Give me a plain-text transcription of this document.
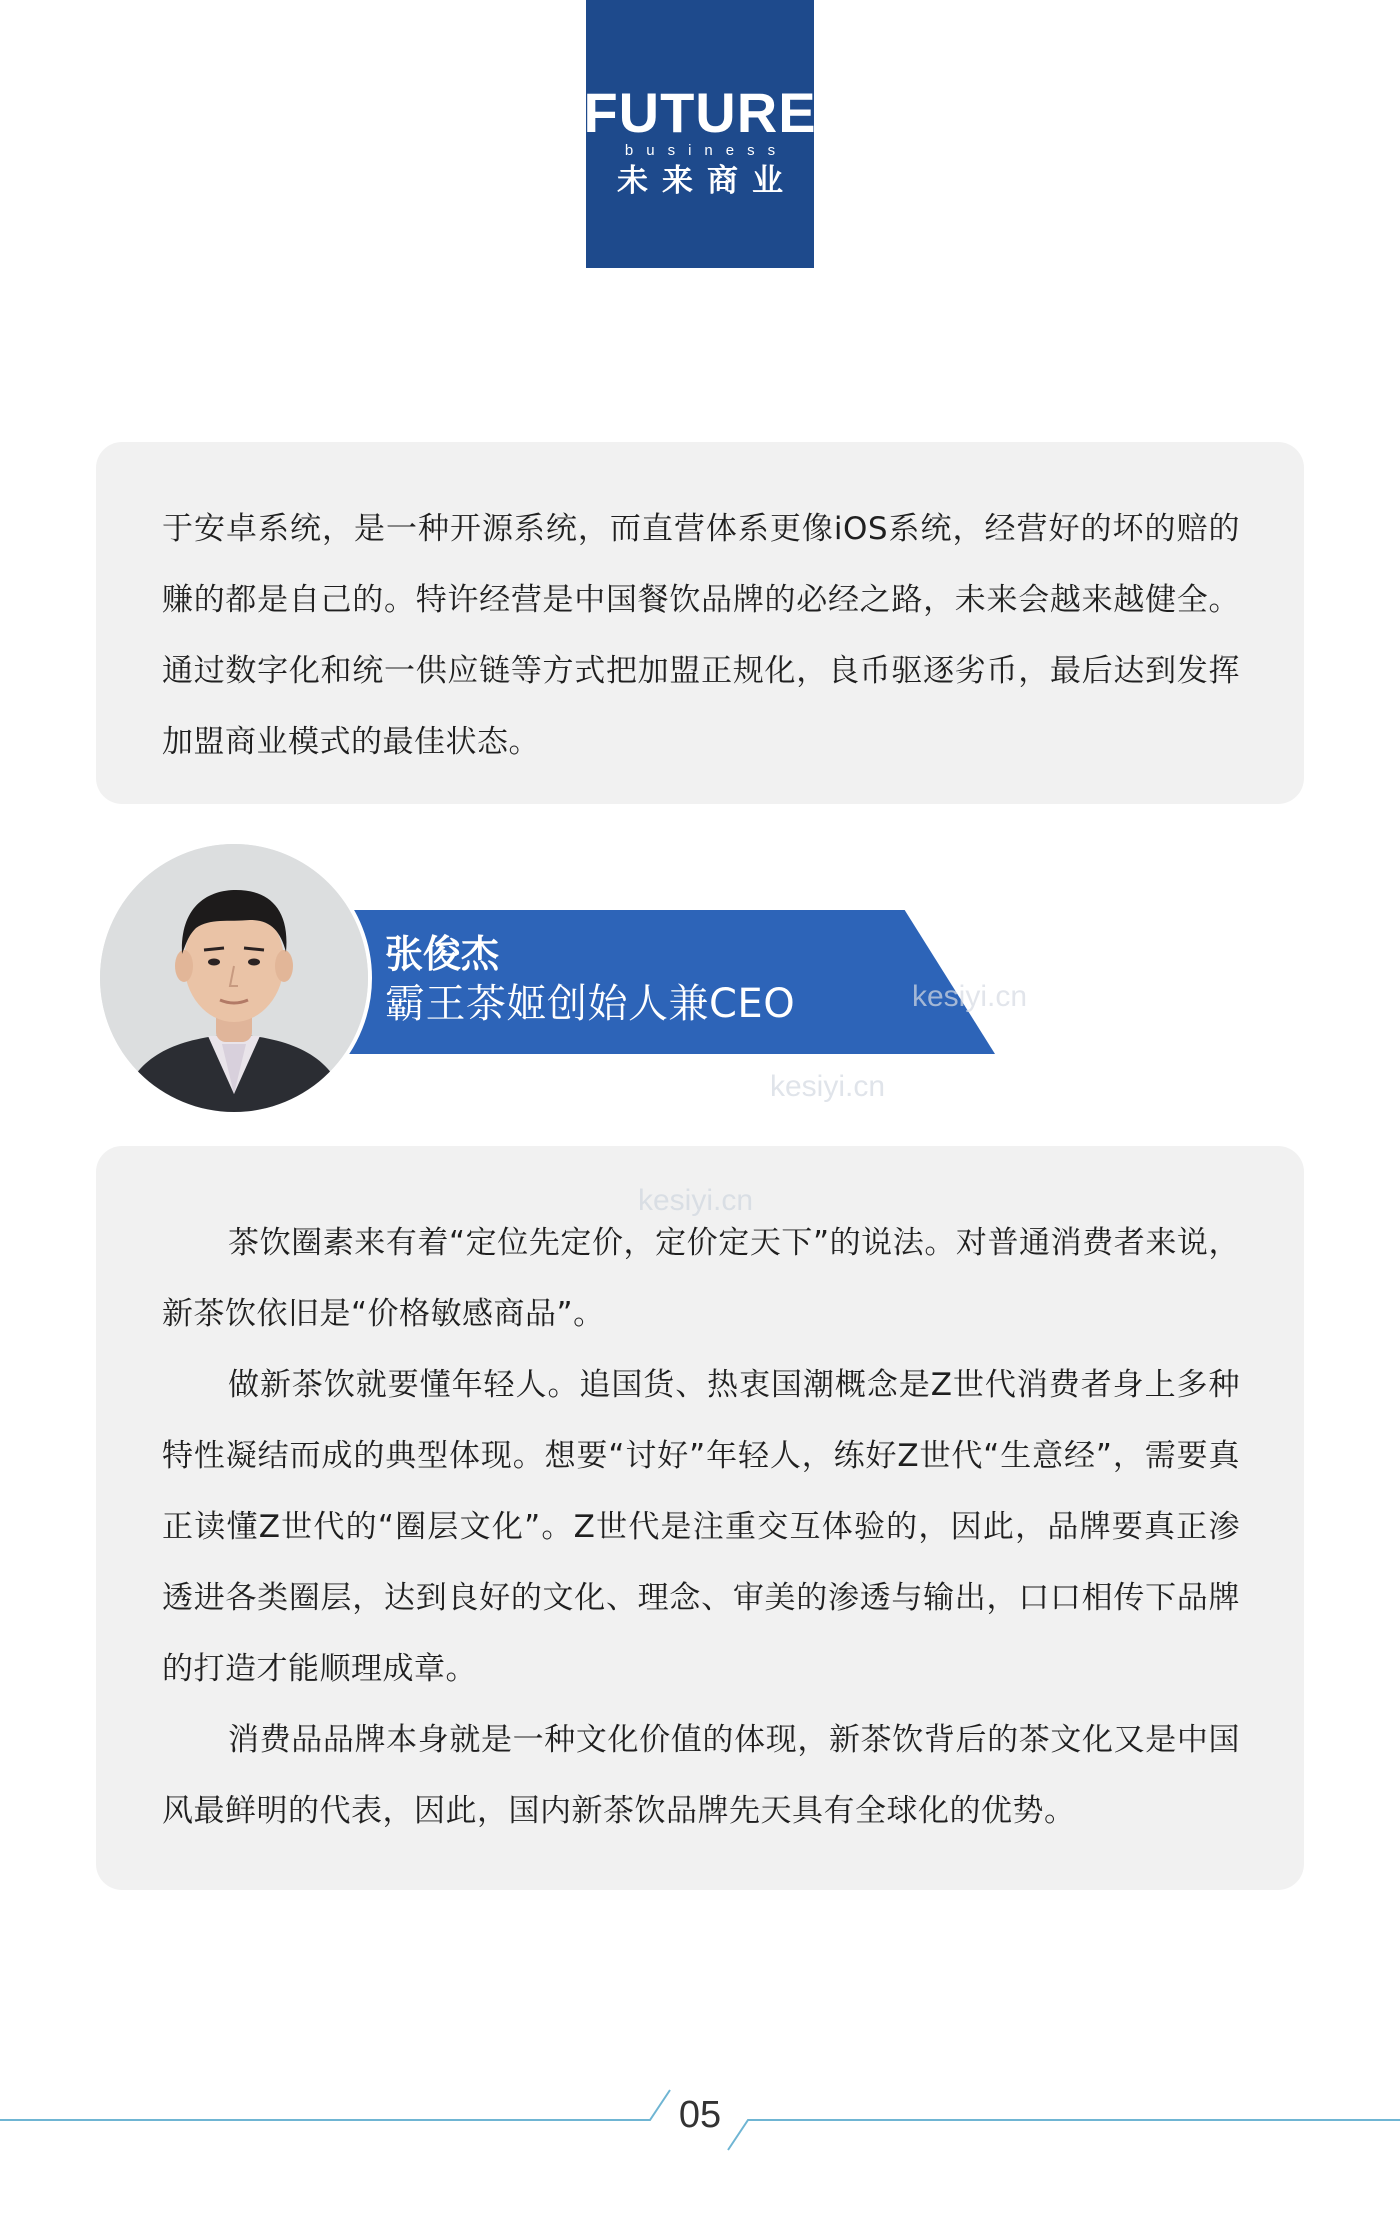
FUTURE
business
未来商业

于安卓系统，是一种开源系统，而直营体系更像iOS系统，经营好的坏的赔的赚的都是自己的。特许经营是中国餐饮品牌的必经之路，未来会越来越健全。通过数字化和统一供应链等方式把加盟正规化，良币驱逐劣币，最后达到发挥加盟商业模式的最佳状态。

张俊杰
霸王茶姬创始人兼CEO

茶饮圈素来有着“定位先定价，定价定天下”的说法。对普通消费者来说，新茶饮依旧是“价格敏感商品”。

做新茶饮就要懂年轻人。追国货、热衷国潮概念是Z世代消费者身上多种特性凝结而成的典型体现。想要“讨好”年轻人，练好Z世代“生意经”，需要真正读懂Z世代的“圈层文化”。Z世代是注重交互体验的，因此，品牌要真正渗透进各类圈层，达到良好的文化、理念、审美的渗透与输出，口口相传下品牌的打造才能顺理成章。

消费品品牌本身就是一种文化价值的体现，新茶饮背后的茶文化又是中国风最鲜明的代表，因此，国内新茶饮品牌先天具有全球化的优势。

kesiyi.cn
kesiyi.cn
kesiyi.cn
05
